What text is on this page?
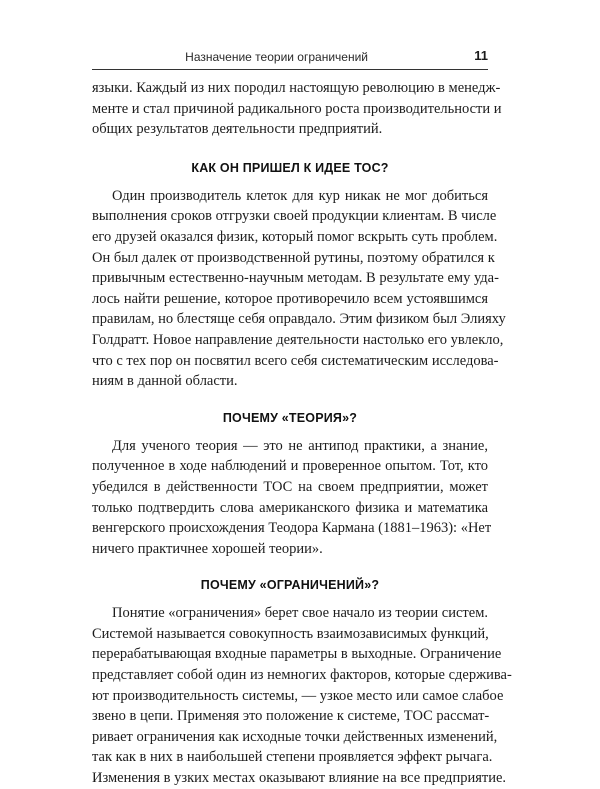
Назначение теории ограничений	11
языки. Каждый из них породил настоящую революцию в менедж-
менте и стал причиной радикального роста производительности и
общих результатов деятельности предприятий.
КАК ОН ПРИШЕЛ К ИДЕЕ ТОС?
Один производитель клеток для кур никак не мог добиться
выполнения сроков отгрузки своей продукции клиентам. В числе
его друзей оказался физик, который помог вскрыть суть проблем.
Он был далек от производственной рутины, поэтому обратился к
привычным естественно-научным методам. В результате ему уда-
лось найти решение, которое противоречило всем устоявшимся
правилам, но блестяще себя оправдало. Этим физиком был Элияху
Голдратт. Новое направление деятельности настолько его увлекло,
что с тех пор он посвятил всего себя систематическим исследова-
ниям в данной области.
ПОЧЕМУ «ТЕОРИЯ»?
Для ученого теория — это не антипод практики, а знание,
полученное в ходе наблюдений и проверенное опытом. Тот, кто
убедился в действенности ТОС на своем предприятии, может
только подтвердить слова американского физика и математика
венгерского происхождения Теодора Кармана (1881–1963): «Нет
ничего практичнее хорошей теории».
ПОЧЕМУ «ОГРАНИЧЕНИЙ»?
Понятие «ограничения» берет свое начало из теории систем.
Системой называется совокупность взаимозависимых функций,
перерабатывающая входные параметры в выходные. Ограничение
представляет собой один из немногих факторов, которые сдержива-
ют производительность системы, — узкое место или самое слабое
звено в цепи. Применяя это положение к системе, ТОС рассмат-
ривает ограничения как исходные точки действенных изменений,
так как в них в наибольшей степени проявляется эффект рычага.
Изменения в узких местах оказывают влияние на все предприятие.
